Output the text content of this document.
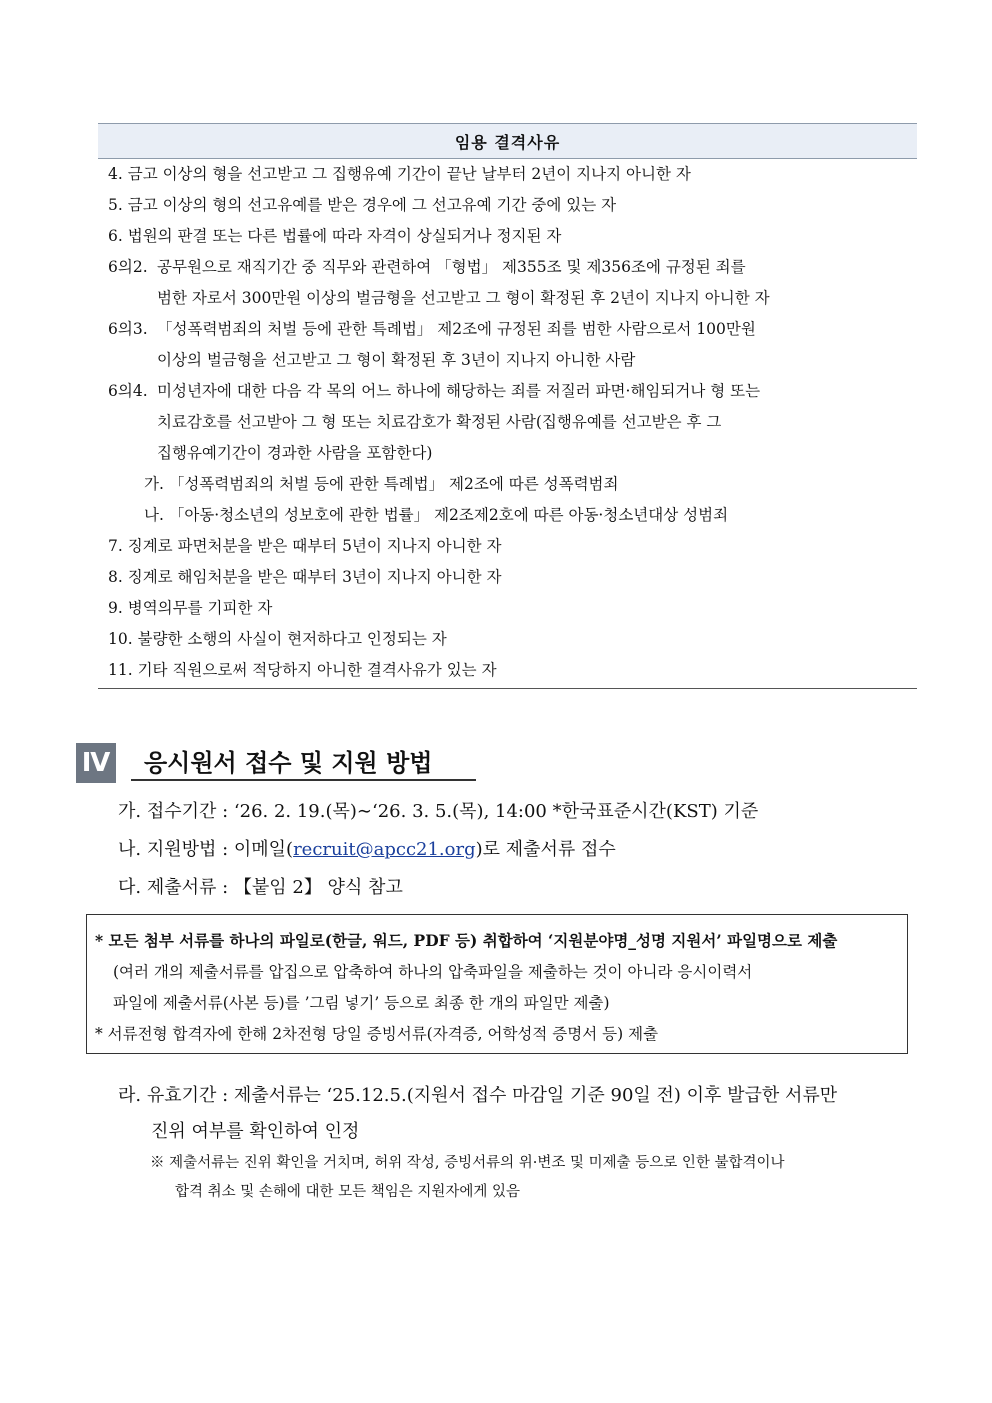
임용 결격사유
4. 금고 이상의 형을 선고받고 그 집행유예 기간이 끝난 날부터 2년이 지나지 아니한 자
5. 금고 이상의 형의 선고유예를 받은 경우에 그 선고유예 기간 중에 있는 자
6. 법원의 판결 또는 다른 법률에 따라 자격이 상실되거나 정지된 자
6의2. 공무원으로 재직기간 중 직무와 관련하여 「형법」 제355조 및 제356조에 규정된 죄를
범한 자로서 300만원 이상의 벌금형을 선고받고 그 형이 확정된 후 2년이 지나지 아니한 자
6의3. 「성폭력범죄의 처벌 등에 관한 특례법」 제2조에 규정된 죄를 범한 사람으로서 100만원
이상의 벌금형을 선고받고 그 형이 확정된 후 3년이 지나지 아니한 사람
6의4. 미성년자에 대한 다음 각 목의 어느 하나에 해당하는 죄를 저질러 파면·해임되거나 형 또는
치료감호를 선고받아 그 형 또는 치료감호가 확정된 사람(집행유예를 선고받은 후 그
집행유예기간이 경과한 사람을 포함한다)
가. 「성폭력범죄의 처벌 등에 관한 특례법」 제2조에 따른 성폭력범죄
나. 「아동·청소년의 성보호에 관한 법률」 제2조제2호에 따른 아동·청소년대상 성범죄
7. 징계로 파면처분을 받은 때부터 5년이 지나지 아니한 자
8. 징계로 해임처분을 받은 때부터 3년이 지나지 아니한 자
9. 병역의무를 기피한 자
10. 불량한 소행의 사실이 현저하다고 인정되는 자
11. 기타 직원으로써 적당하지 아니한 결격사유가 있는 자
Ⅳ	응시원서 접수 및 지원 방법
가. 접수기간 : ‘26. 2. 19.(목)∼‘26. 3. 5.(목), 14:00 *한국표준시간(KST) 기준
나. 지원방법 : 이메일(recruit@apcc21.org)로 제출서류 접수
다. 제출서류 : 【붙임 2】 양식 참고
* 모든 첨부 서류를 하나의 파일로(한글, 워드, PDF 등) 취합하여 ‘지원분야명_성명 지원서’ 파일명으로 제출
(여러 개의 제출서류를 압집으로 압축하여 하나의 압축파일을 제출하는 것이 아니라 응시이력서
파일에 제출서류(사본 등)를 ’그림 넣기’ 등으로 최종 한 개의 파일만 제출)
* 서류전형 합격자에 한해 2차전형 당일 증빙서류(자격증, 어학성적 증명서 등) 제출
라. 유효기간 : 제출서류는 ‘25.12.5.(지원서 접수 마감일 기준 90일 전) 이후 발급한 서류만
진위 여부를 확인하여 인정
※ 제출서류는 진위 확인을 거치며, 허위 작성, 증빙서류의 위·변조 및 미제출 등으로 인한 불합격이나
합격 취소 및 손해에 대한 모든 책임은 지원자에게 있음
